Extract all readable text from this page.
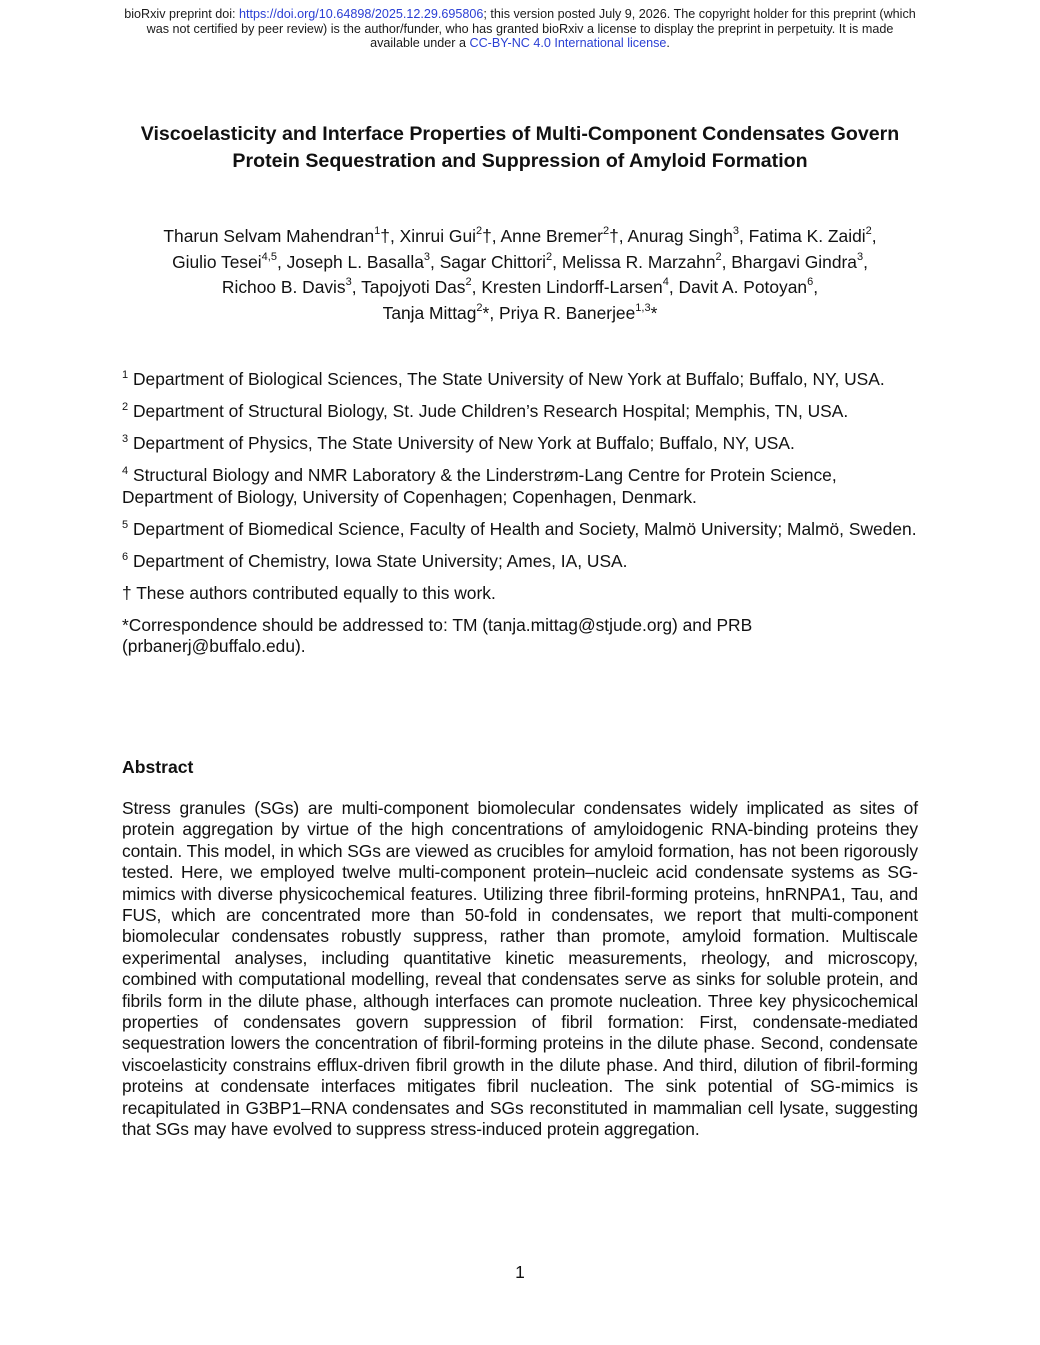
bioRxiv preprint doi: https://doi.org/10.64898/2025.12.29.695806; this version posted July 9, 2026. The copyright holder for this preprint (which
was not certified by peer review) is the author/funder, who has granted bioRxiv a license to display the preprint in perpetuity. It is made
available under a CC-BY-NC 4.0 International license.
Viscoelasticity and Interface Properties of Multi-Component Condensates Govern
Protein Sequestration and Suppression of Amyloid Formation
Tharun Selvam Mahendran$^1$†, Xinrui Gui$^2$†, Anne Bremer$^2$†, Anurag Singh$^3$, Fatima K. Zaidi$^2$,
Giulio Tesei$^{4,5}$, Joseph L. Basalla$^3$, Sagar Chittori$^2$, Melissa R. Marzahn$^2$, Bhargavi Gindra$^3$,
Richoo B. Davis$^3$, Tapojyoti Das$^2$, Kresten Lindorff-Larsen$^4$, Davit A. Potoyan$^6$,
Tanja Mittag$^2$*, Priya R. Banerjee$^{1,3}$*

$^1$ Department of Biological Sciences, The State University of New York at Buffalo; Buffalo, NY, USA.

$^2$ Department of Structural Biology, St. Jude Children’s Research Hospital; Memphis, TN, USA.

$^3$ Department of Physics, The State University of New York at Buffalo; Buffalo, NY, USA.

$^4$ Structural Biology and NMR Laboratory & the Linderstrøm-Lang Centre for Protein Science, Department of Biology, University of Copenhagen; Copenhagen, Denmark.

$^5$ Department of Biomedical Science, Faculty of Health and Society, Malmö University; Malmö, Sweden.

$^6$ Department of Chemistry, Iowa State University; Ames, IA, USA.

† These authors contributed equally to this work.

*Correspondence should be addressed to: TM (tanja.mittag@stjude.org) and PRB (prbanerj@buffalo.edu).

Abstract

Stress granules (SGs) are multi-component biomolecular condensates widely implicated as sites of protein aggregation by virtue of the high concentrations of amyloidogenic RNA-binding proteins they contain. This model, in which SGs are viewed as crucibles for amyloid formation, has not been rigorously tested. Here, we employed twelve multi-component protein–nucleic acid condensate systems as SG-mimics with diverse physicochemical features. Utilizing three fibril-forming proteins, hnRNPA1, Tau, and FUS, which are concentrated more than 50-fold in condensates, we report that multi-component biomolecular condensates robustly suppress, rather than promote, amyloid formation. Multiscale experimental analyses, including quantitative kinetic measurements, rheology, and microscopy, combined with computational modelling, reveal that condensates serve as sinks for soluble protein, and fibrils form in the dilute phase, although interfaces can promote nucleation. Three key physicochemical properties of condensates govern suppression of fibril formation: First, condensate-mediated sequestration lowers the concentration of fibril-forming proteins in the dilute phase. Second, condensate viscoelasticity constrains efflux-driven fibril growth in the dilute phase. And third, dilution of fibril-forming proteins at condensate interfaces mitigates fibril nucleation. The sink potential of SG-mimics is recapitulated in G3BP1–RNA condensates and SGs reconstituted in mammalian cell lysate, suggesting that SGs may have evolved to suppress stress-induced protein aggregation.

1
